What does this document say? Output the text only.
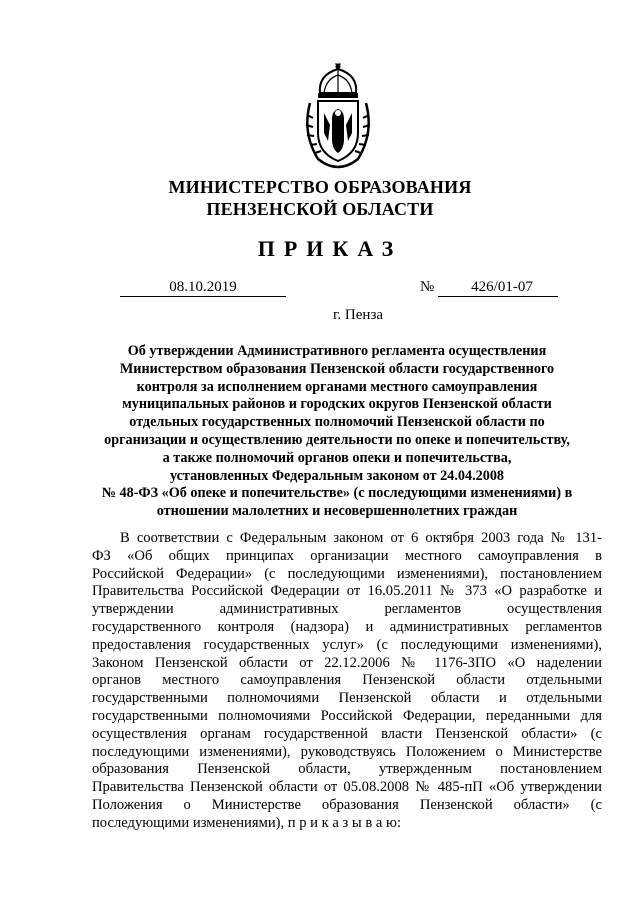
МИНИСТЕРСТВО ОБРАЗОВАНИЯ
ПЕНЗЕНСКОЙ ОБЛАСТИ
ПРИКАЗ
08.10.2019	№	426/01-07
г. Пенза
Об утверждении Административного регламента осуществления
Министерством образования Пензенской области государственного
контроля за исполнением органами местного самоуправления
муниципальных районов и городских округов Пензенской области
отдельных государственных полномочий Пензенской области по
организации и осуществлению деятельности по опеке и попечительству,
а также полномочий органов опеки и попечительства,
установленных Федеральным законом от 24.04.2008
№ 48-ФЗ «Об опеке и попечительстве» (с последующими изменениями) в
отношении малолетних и несовершеннолетних граждан
В соответствии с Федеральным законом от 6 октября 2003 года № 131-
ФЗ «Об общих принципах организации местного самоуправления в
Российской Федерации» (с последующими изменениями), постановлением
Правительства Российской Федерации от 16.05.2011 № 373 «О разработке и
утверждении административных регламентов осуществления
государственного контроля (надзора) и административных регламентов
предоставления государственных услуг» (с последующими изменениями),
Законом Пензенской области от 22.12.2006 № 1176-ЗПО «О наделении
органов местного самоуправления Пензенской области отдельными
государственными полномочиями Пензенской области и отдельными
государственными полномочиями Российской Федерации, переданными для
осуществления органам государственной власти Пензенской области» (с
последующими изменениями), руководствуясь Положением о Министерстве
образования Пензенской области, утвержденным постановлением
Правительства Пензенской области от 05.08.2008 № 485-пП «Об утверждении
Положения о Министерстве образования Пензенской области» (с
последующими изменениями), п р и к а з ы в а ю:
